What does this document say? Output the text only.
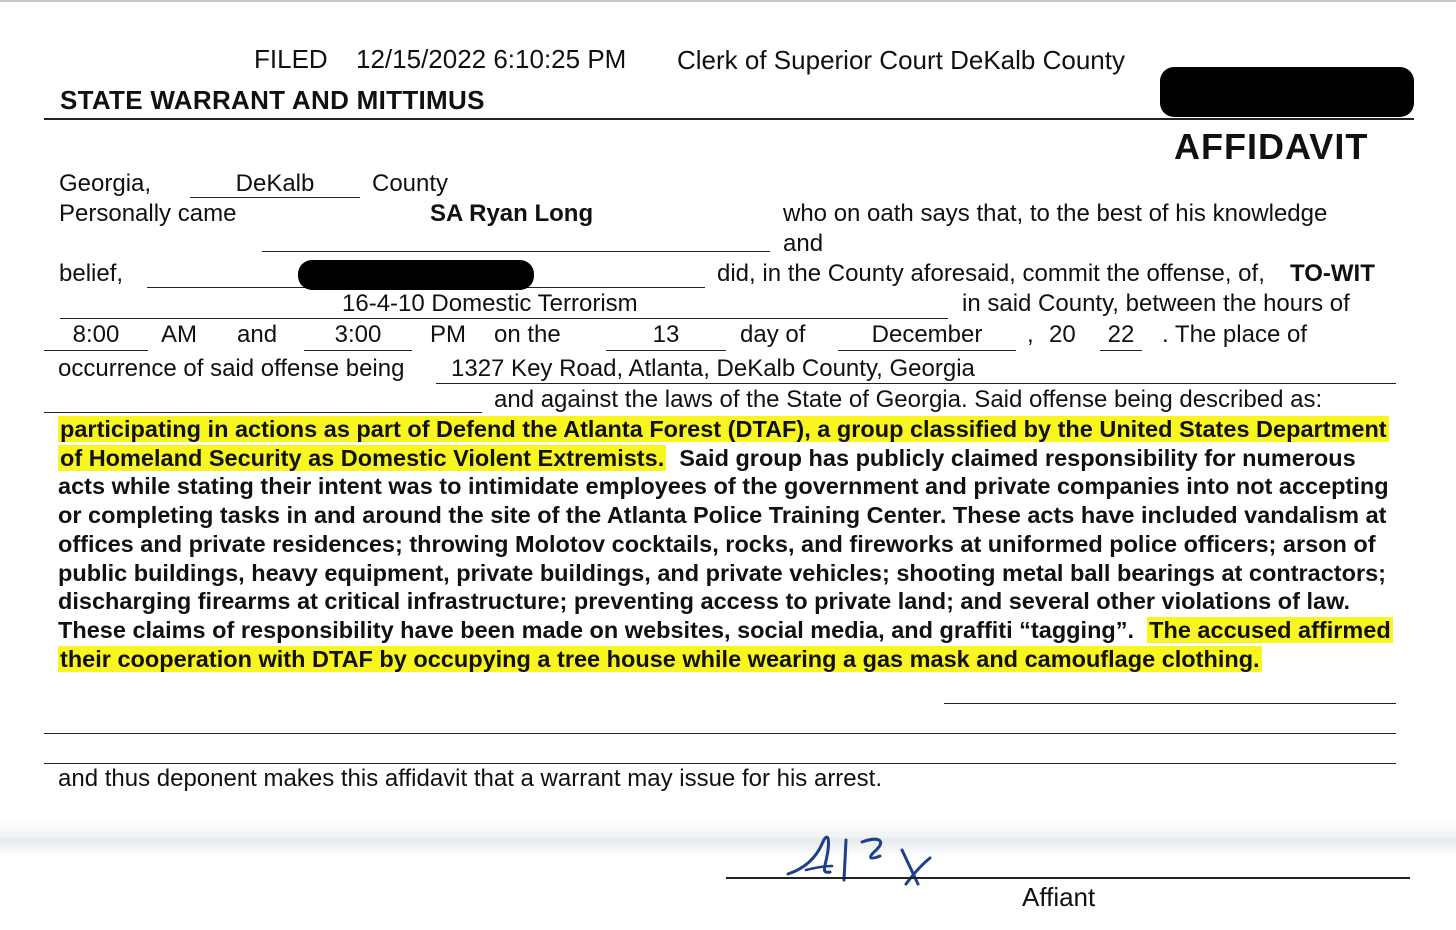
FILED 12/15/2022 6:10:25 PM Clerk of Superior Court DeKalb County
STATE WARRANT AND MITTIMUS
AFFIDAVIT
Georgia,	DeKalb	County
Personally came	SA Ryan Long	who on oath says that, to the best of his knowledge
and
belief,	did, in the County aforesaid, commit the offense, of, TO-WIT
16-4-10 Domestic Terrorism	in said County, between the hours of
8:00	AM and	3:00	PM on the	13	day of	December	, 20	22	. The place of
occurrence of said offense being 1327 Key Road, Atlanta, DeKalb County, Georgia
and against the laws of the State of Georgia. Said offense being described as:
participating in actions as part of Defend the Atlanta Forest (DTAF), a group classified by the United States Department of Homeland Security as Domestic Violent Extremists. Said group has publicly claimed responsibility for numerous acts while stating their intent was to intimidate employees of the government and private companies into not accepting or completing tasks in and around the site of the Atlanta Police Training Center. These acts have included vandalism at offices and private residences; throwing Molotov cocktails, rocks, and fireworks at uniformed police officers; arson of public buildings, heavy equipment, private buildings, and private vehicles; shooting metal ball bearings at contractors; discharging firearms at critical infrastructure; preventing access to private land; and several other violations of law. These claims of responsibility have been made on websites, social media, and graffiti “tagging”. The accused affirmed their cooperation with DTAF by occupying a tree house while wearing a gas mask and camouflage clothing.
and thus deponent makes this affidavit that a warrant may issue for his arrest.
Affiant
